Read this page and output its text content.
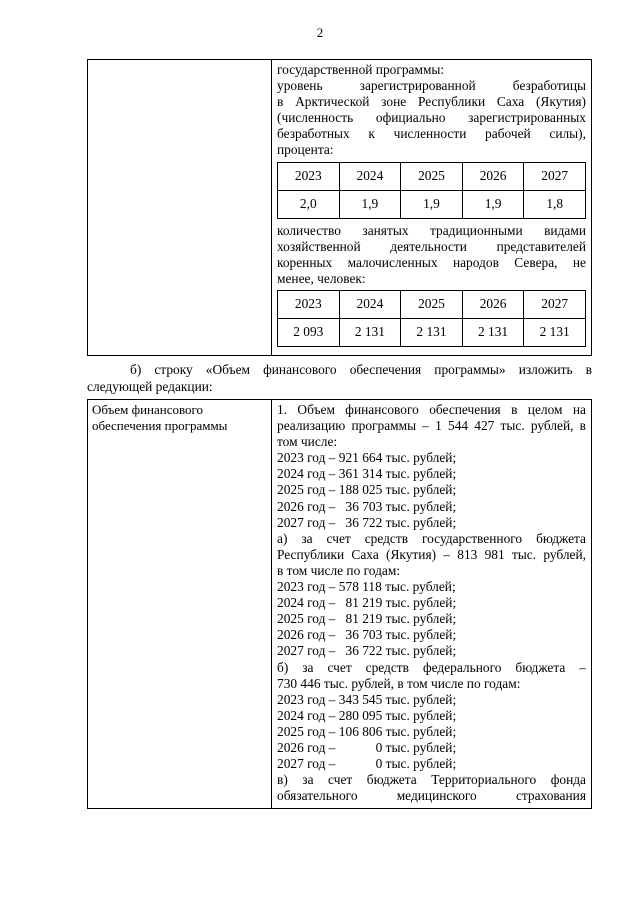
2

государственной программы:
уровень зарегистрированной безработицы
в Арктической зоне Республики Саха (Якутия)
(численность официально зарегистрированных
безработных к численности рабочей силы),
процента:
2023	2024	2025	2026	2027
2,0	1,9	1,9	1,9	1,8
количество занятых традиционными видами
хозяйственной деятельности представителей
коренных малочисленных народов Севера, не
менее, человек:
2023	2024	2025	2026	2027
2 093	2 131	2 131	2 131	2 131
б) строку «Объем финансового обеспечения программы» изложить в
следующей редакции:
Объем финансового
обеспечения программы

1. Объем финансового обеспечения в целом на
реализацию программы – 1 544 427 тыс. рублей, в
том числе:
2023 год – 921 664 тыс. рублей;
2024 год – 361 314 тыс. рублей;
2025 год – 188 025 тыс. рублей;
2026 год –   36 703 тыс. рублей;
2027 год –   36 722 тыс. рублей;
а) за счет средств государственного бюджета
Республики Саха (Якутия) – 813 981 тыс. рублей,
в том числе по годам:
2023 год – 578 118 тыс. рублей;
2024 год –   81 219 тыс. рублей;
2025 год –   81 219 тыс. рублей;
2026 год –   36 703 тыс. рублей;
2027 год –   36 722 тыс. рублей;
б) за счет средств федерального бюджета –
730 446 тыс. рублей, в том числе по годам:
2023 год – 343 545 тыс. рублей;
2024 год – 280 095 тыс. рублей;
2025 год – 106 806 тыс. рублей;
2026 год –            0 тыс. рублей;
2027 год –            0 тыс. рублей;
в) за счет бюджета Территориального фонда
обязательного медицинского страхования
